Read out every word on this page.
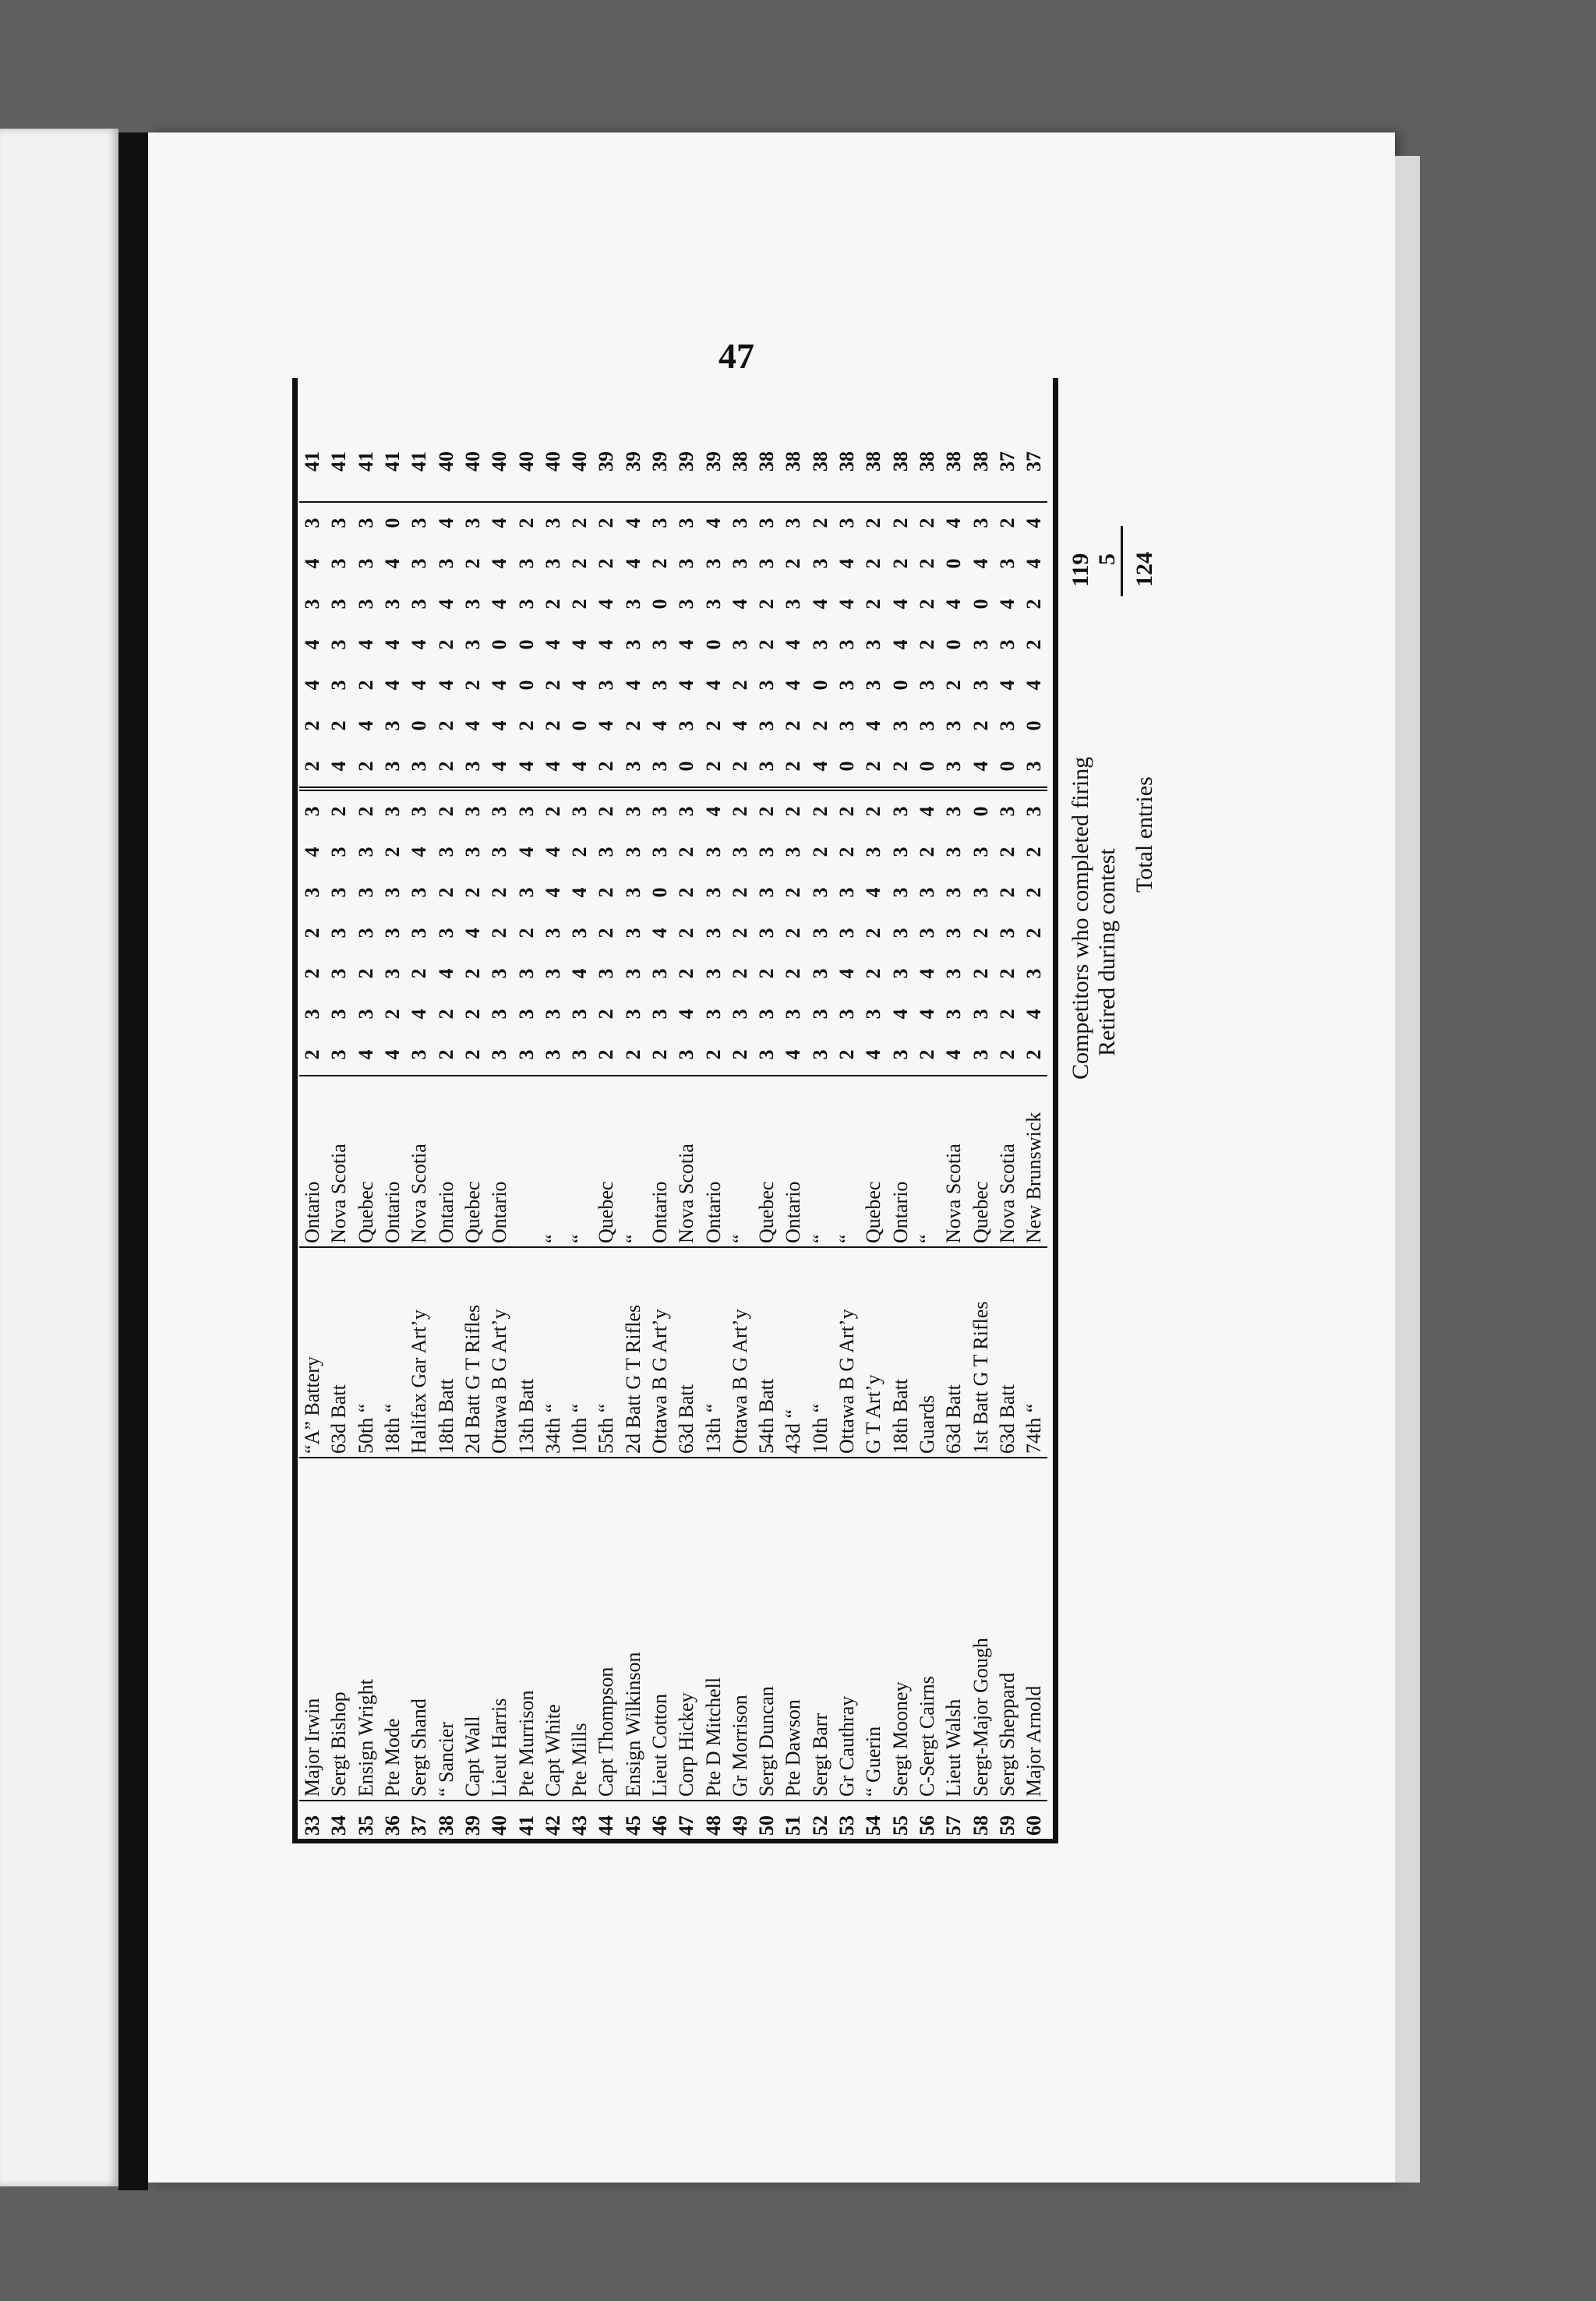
47
33	Major Irwin	“A” Battery	Ontario	2	3	2	2	3	4	3	2	2	4	4	3	4	3	41
34	Sergt Bishop	63d Batt	Nova Scotia	3	3	3	3	3	3	2	4	2	3	3	3	3	3	41
35	Ensign Wright	50th “	Quebec	4	3	2	3	3	3	2	2	4	2	4	3	3	3	41
36	Pte Mode	18th “	Ontario	4	2	3	3	3	2	3	3	3	4	4	3	4	0	41
37	Sergt Shand	Halifax Gar Art’y	Nova Scotia	3	4	2	3	3	4	3	3	0	4	4	3	3	3	41
38	“ Sancier	18th Batt	Ontario	2	2	4	3	2	3	2	2	2	4	2	4	3	4	40
39	Capt Wall	2d Batt G T Rifles	Quebec	2	2	2	4	2	3	3	3	4	2	3	3	2	3	40
40	Lieut Harris	Ottawa B G Art’y	Ontario	3	3	3	2	2	3	3	4	4	4	0	4	4	4	40
41	Pte Murrison	13th Batt		3	3	3	2	3	4	3	4	2	0	0	3	3	2	40
42	Capt White	34th “	“	3	3	3	3	4	4	2	4	2	2	4	2	3	3	40
43	Pte Mills	10th “	“	3	3	4	3	4	2	3	4	0	4	4	2	2	2	40
44	Capt Thompson	55th “	Quebec	2	2	3	2	2	3	2	2	4	3	4	4	2	2	39
45	Ensign Wilkinson	2d Batt G T Rifles	“	2	3	3	3	3	3	3	3	2	4	3	3	4	4	39
46	Lieut Cotton	Ottawa B G Art’y	Ontario	2	3	3	4	0	3	3	3	4	3	3	0	2	3	39
47	Corp Hickey	63d Batt	Nova Scotia	3	4	2	2	2	2	3	0	3	4	4	3	3	3	39
48	Pte D Mitchell	13th “	Ontario	2	3	3	3	3	3	4	2	2	4	0	3	3	4	39
49	Gr Morrison	Ottawa B G Art’y	“	2	3	2	2	2	3	2	2	4	2	3	4	3	3	38
50	Sergt Duncan	54th Batt	Quebec	3	3	2	3	3	3	2	3	3	3	2	2	3	3	38
51	Pte Dawson	43d “	Ontario	4	3	2	2	2	3	2	2	2	4	4	3	2	3	38
52	Sergt Barr	10th “	“	3	3	3	3	3	2	2	4	2	0	3	4	3	2	38
53	Gr Cauthray	Ottawa B G Art’y	“	2	3	4	3	3	2	2	0	3	3	3	4	4	3	38
54	“ Guerin	G T Art’y	Quebec	4	3	2	2	4	3	2	2	4	3	3	2	2	2	38
55	Sergt Mooney	18th Batt	Ontario	3	4	3	3	3	3	3	2	3	0	4	4	2	2	38
56	C-Sergt Cairns	Guards	“	2	4	4	3	3	2	4	0	3	3	2	2	2	2	38
57	Lieut Walsh	63d Batt	Nova Scotia	4	3	3	3	3	3	3	3	3	2	0	4	0	4	38
58	Sergt-Major Gough	1st Batt G T Rifles	Quebec	3	3	2	2	3	3	0	4	2	3	3	0	4	3	38
59	Sergt Sheppard	63d Batt	Nova Scotia	2	2	2	3	2	2	3	0	3	4	3	4	3	2	37
60	Major Arnold	74th “	New Brunswick	2	4	3	2	2	2	3	3	0	4	2	2	4	4	37
Competitors who completed firing
119
Retired during contest
5
Total entries
124
